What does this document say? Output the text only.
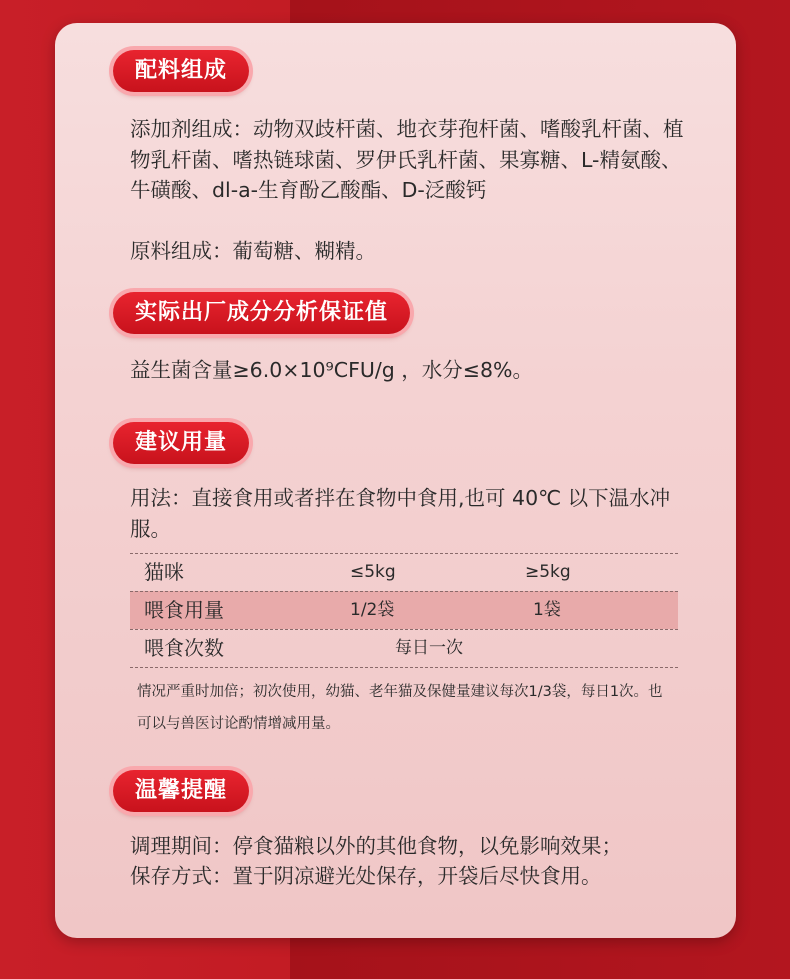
配料组成
添加剂组成：动物双歧杆菌、地衣芽孢杆菌、嗜酸乳杆菌、植物乳杆菌、嗜热链球菌、罗伊氏乳杆菌、果寡糖、L-精氨酸、牛磺酸、dl-a-生育酚乙酸酯、D-泛酸钙
原料组成：葡萄糖、糊精。
实际出厂成分分析保证值
益生菌含量≥6.0×10⁹CFU/g ，水分≤8%。
建议用量
用法：直接食用或者拌在食物中食用,也可 40℃ 以下温水冲服。
猫咪	≤5kg	≥5kg
喂食用量	1/2袋	1袋
喂食次数	每日一次
情况严重时加倍；初次使用，幼猫、老年猫及保健量建议每次1/3袋，每日1次。也可以与兽医讨论酌情增减用量。
温馨提醒
调理期间：停食猫粮以外的其他食物，以免影响效果；
保存方式：置于阴凉避光处保存，开袋后尽快食用。
